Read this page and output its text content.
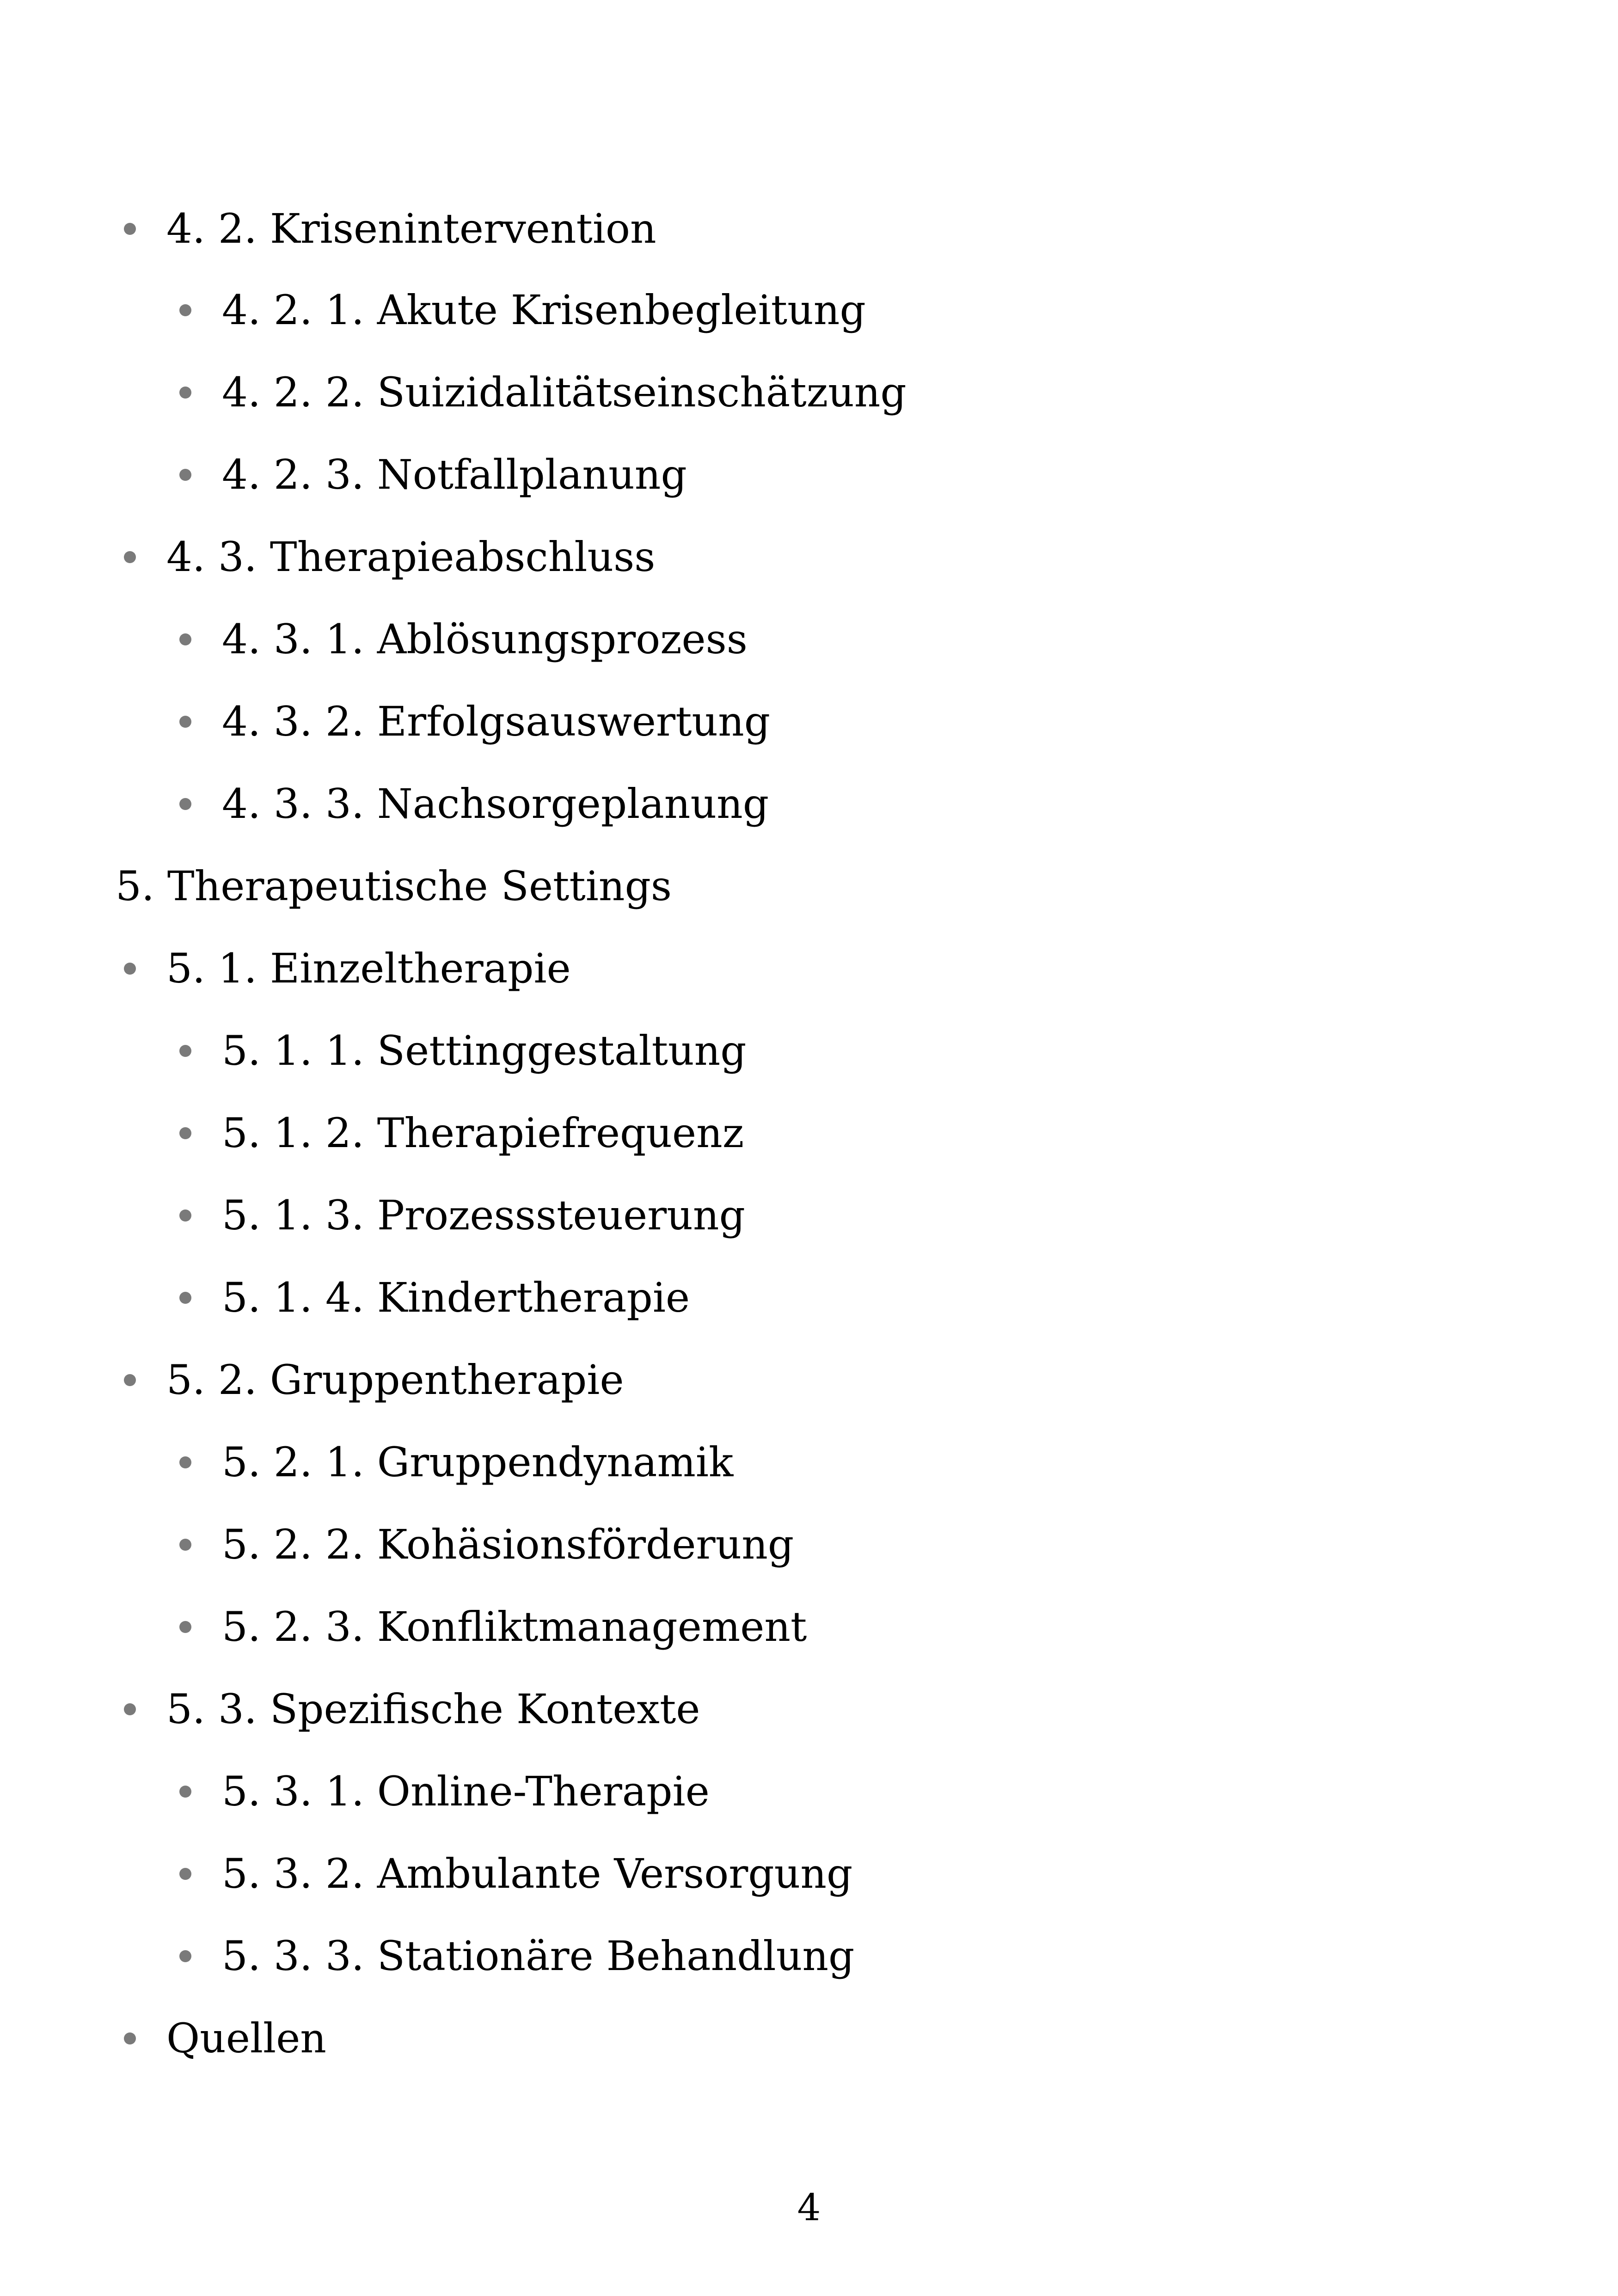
4. 2. Krisenintervention
4. 2. 1. Akute Krisenbegleitung
4. 2. 2. Suizidalitätseinschätzung
4. 2. 3. Notfallplanung
4. 3. Therapieabschluss
4. 3. 1. Ablösungsprozess
4. 3. 2. Erfolgsauswertung
4. 3. 3. Nachsorgeplanung
5. Therapeutische Settings
5. 1. Einzeltherapie
5. 1. 1. Settinggestaltung
5. 1. 2. Therapiefrequenz
5. 1. 3. Prozesssteuerung
5. 1. 4. Kindertherapie
5. 2. Gruppentherapie
5. 2. 1. Gruppendynamik
5. 2. 2. Kohäsionsförderung
5. 2. 3. Konfliktmanagement
5. 3. Spezifische Kontexte
5. 3. 1. Online-Therapie
5. 3. 2. Ambulante Versorgung
5. 3. 3. Stationäre Behandlung
Quellen
4
